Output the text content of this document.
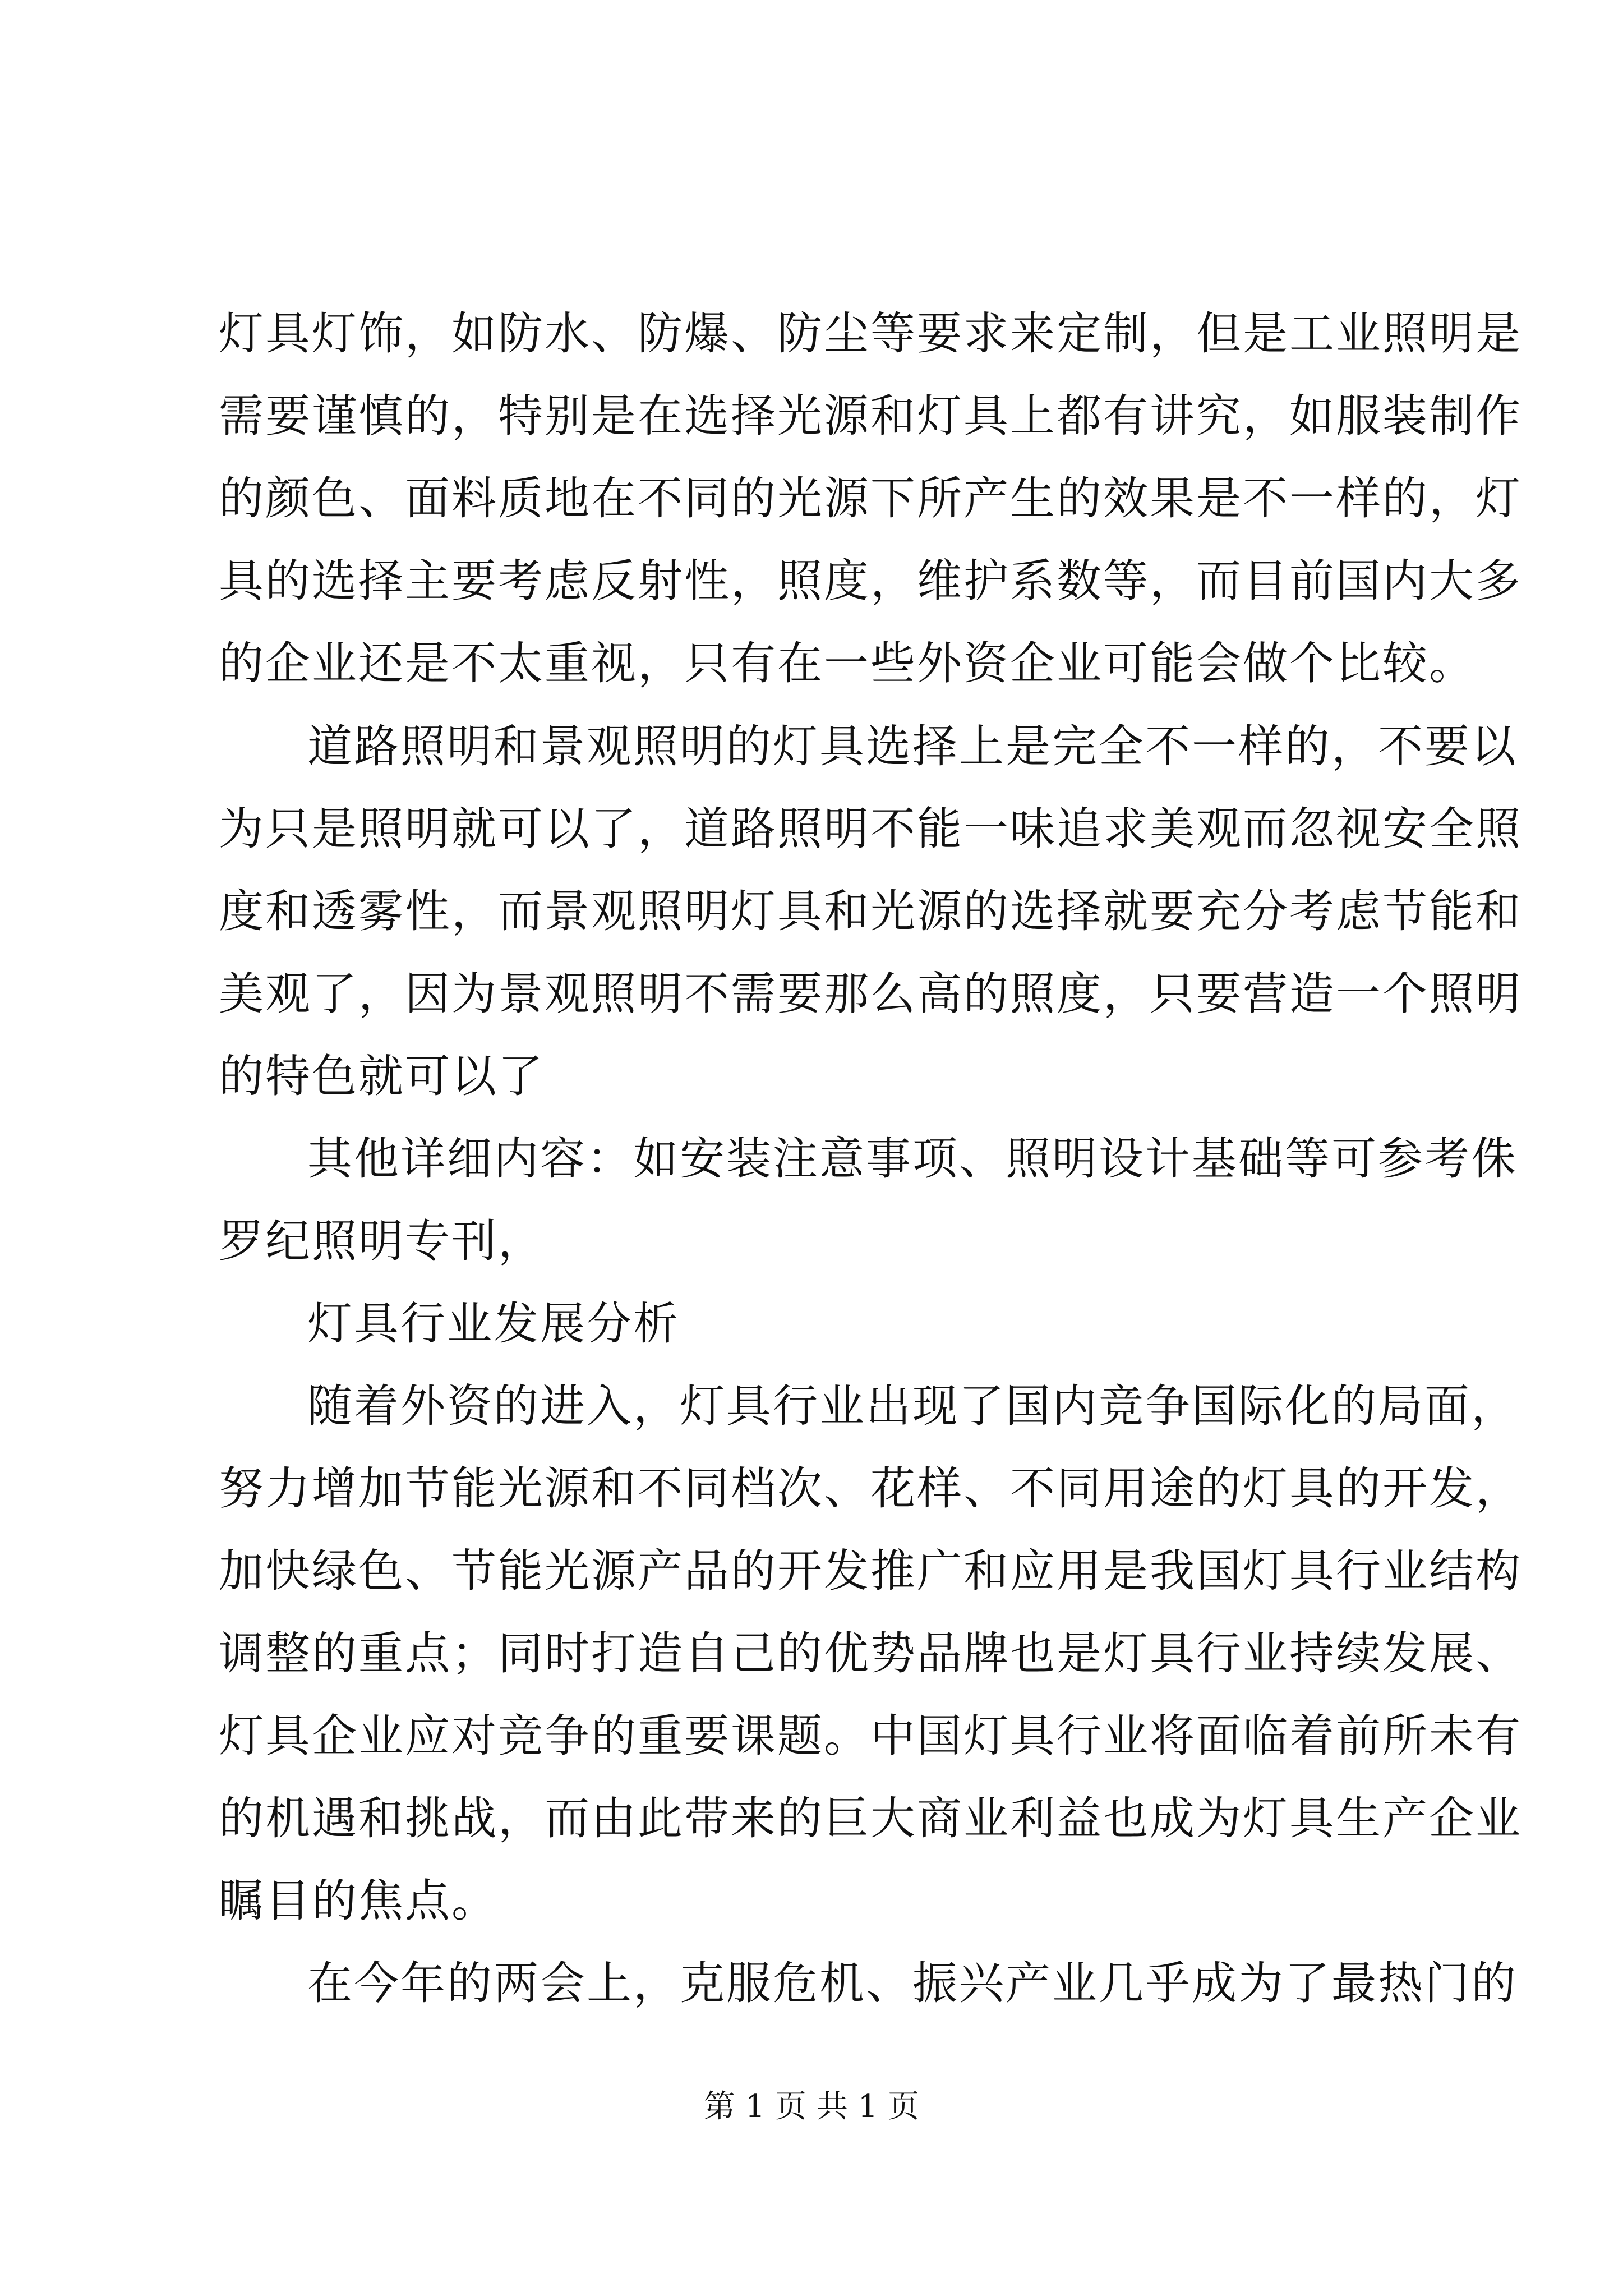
灯具灯饰，如防水、防爆、防尘等要求来定制，但是工业照明是
需要谨慎的，特别是在选择光源和灯具上都有讲究，如服装制作
的颜色、面料质地在不同的光源下所产生的效果是不一样的，灯
具的选择主要考虑反射性，照度，维护系数等，而目前国内大多
的企业还是不太重视，只有在一些外资企业可能会做个比较。
道路照明和景观照明的灯具选择上是完全不一样的，不要以
为只是照明就可以了，道路照明不能一味追求美观而忽视安全照
度和透雾性，而景观照明灯具和光源的选择就要充分考虑节能和
美观了，因为景观照明不需要那么高的照度，只要营造一个照明
的特色就可以了
其他详细内容：如安装注意事项、照明设计基础等可参考侏
罗纪照明专刊，
灯具行业发展分析
随着外资的进入，灯具行业出现了国内竞争国际化的局面，
努力增加节能光源和不同档次、花样、不同用途的灯具的开发，
加快绿色、节能光源产品的开发推广和应用是我国灯具行业结构
调整的重点；同时打造自己的优势品牌也是灯具行业持续发展、
灯具企业应对竞争的重要课题。中国灯具行业将面临着前所未有
的机遇和挑战，而由此带来的巨大商业利益也成为灯具生产企业
瞩目的焦点。
在今年的两会上，克服危机、振兴产业几乎成为了最热门的
第 1 页 共 1 页
